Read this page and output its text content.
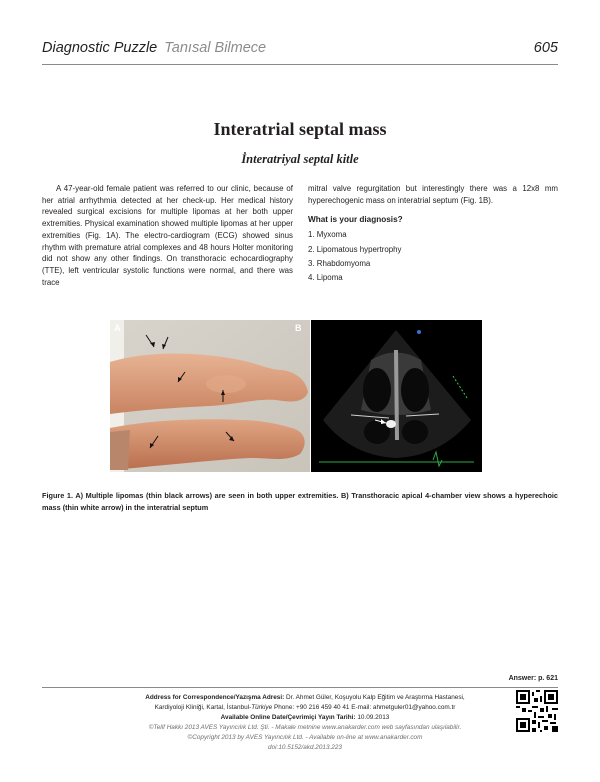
Diagnostic Puzzle Tanısal Bilmece	605
Interatrial septal mass
İnteratriyal septal kitle

A 47-year-old female patient was referred to our clinic, because of her atrial arrhythmia detected at her check-up. Her medical history revealed surgical excisions for multiple lipomas at her both upper extremities. Physical examination showed multiple lipomas at her upper extremities (Fig. 1A). The electro-cardiogram (ECG) showed sinus rhythm with premature atrial complexes and 48 hours Holter monitoring did not show any other findings. On transthoracic echocardiography (TTE), left ventricular systolic functions were normal, and there was trace

mitral valve regurgitation but interestingly there was a 12x8 mm hyperechogenic mass on interatrial septum (Fig. 1B).

What is your diagnosis?
1. Myxoma
2. Lipomatous hypertrophy
3. Rhabdomyoma
4. Lipoma
A	B
Figure 1. A) Multiple lipomas (thin black arrows) are seen in both upper extremities. B) Transthoracic apical 4-chamber view shows a hyperechoic mass (thin white arrow) in the interatrial septum
Answer: p. 621
Address for Correspondence/Yazışma Adresi: Dr. Ahmet Güler, Koşuyolu Kalp Eğitim ve Araştırma Hastanesi,
Kardiyoloji Kliniği, Kartal, İstanbul-Türkiye Phone: +90 216 459 40 41 E-mail: ahmetguler01@yahoo.com.tr
Available Online Date/Çevrimiçi Yayın Tarihi: 10.09.2013
©Telif Hakkı 2013 AVES Yayıncılık Ltd. Şti. - Makale metnine www.anakarder.com web sayfasından ulaşılabilir.
©Copyright 2013 by AVES Yayıncılık Ltd. - Available on-line at www.anakarder.com
doi:10.5152/akd.2013.223
